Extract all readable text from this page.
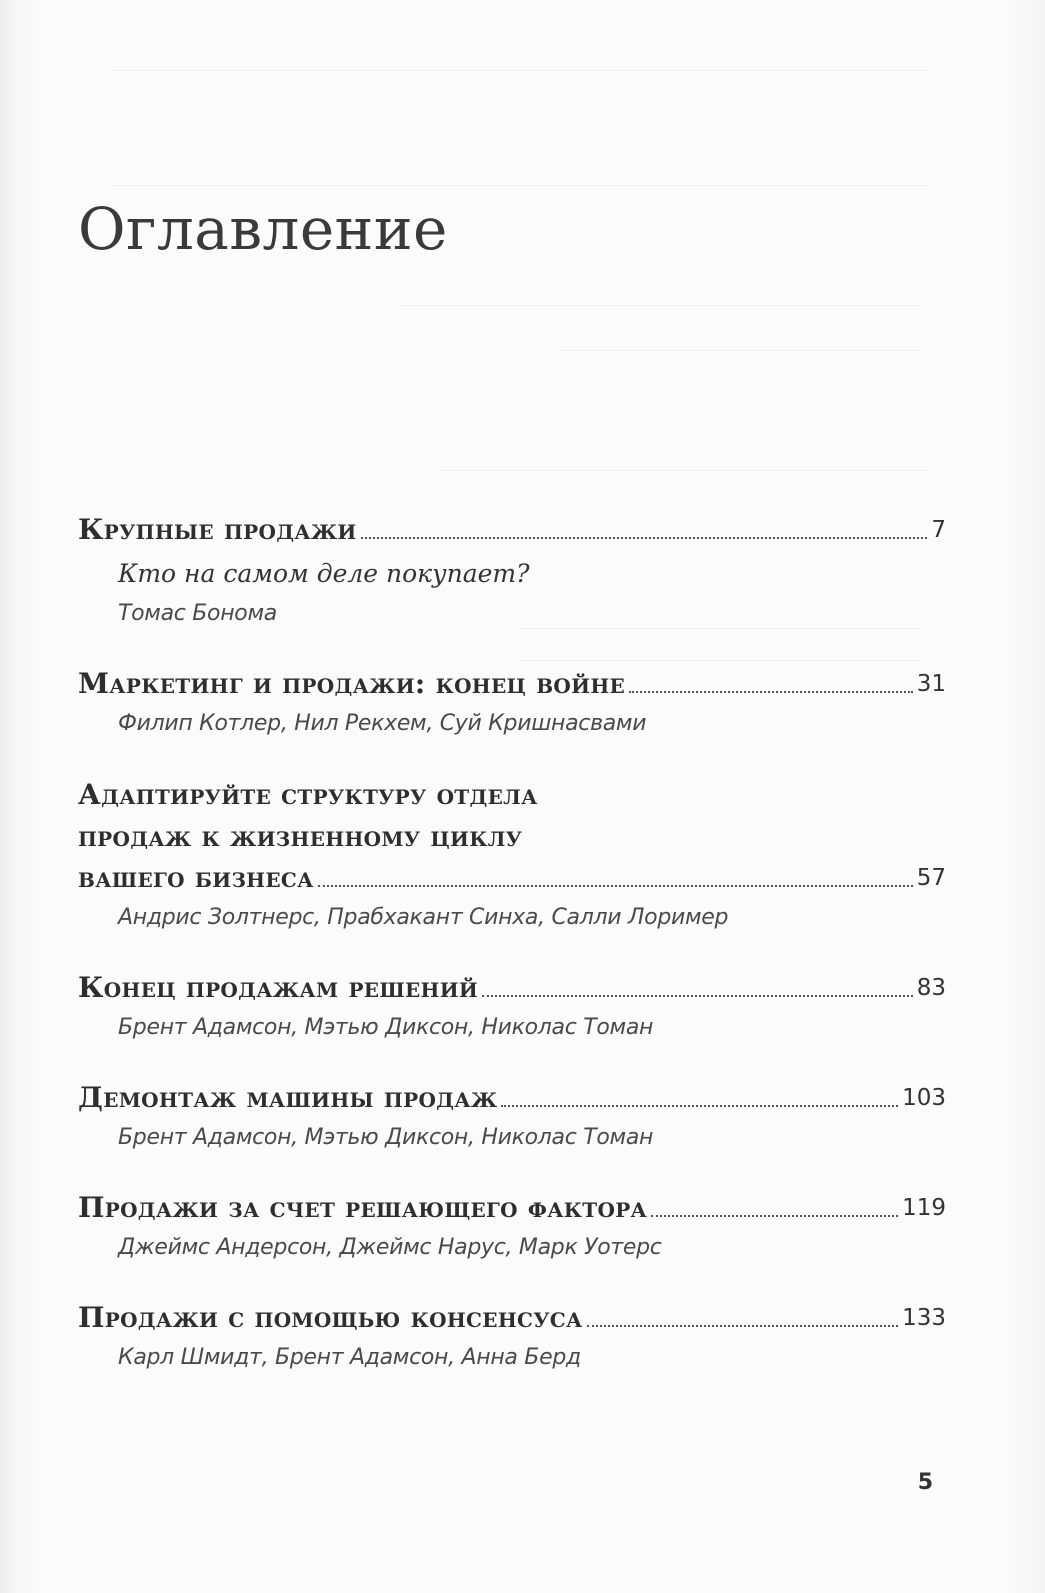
Оглавление
Крупные продажи	7
Кто на самом деле покупает?
Томас Бонома
Маркетинг и продажи: конец войне	31
Филип Котлер, Нил Рекхем, Суй Кришнасвами
Адаптируйте структуру отдела
продаж к жизненному циклу
вашего бизнеса	57
Андрис Золтнерс, Прабхакант Синха, Салли Лоример
Конец продажам решений	83
Брент Адамсон, Мэтью Диксон, Николас Томан
Демонтаж машины продаж	103
Брент Адамсон, Мэтью Диксон, Николас Томан
Продажи за счет решающего фактора	119
Джеймс Андерсон, Джеймс Нарус, Марк Уотерс
Продажи с помощью консенсуса	133
Карл Шмидт, Брент Адамсон, Анна Берд
5
